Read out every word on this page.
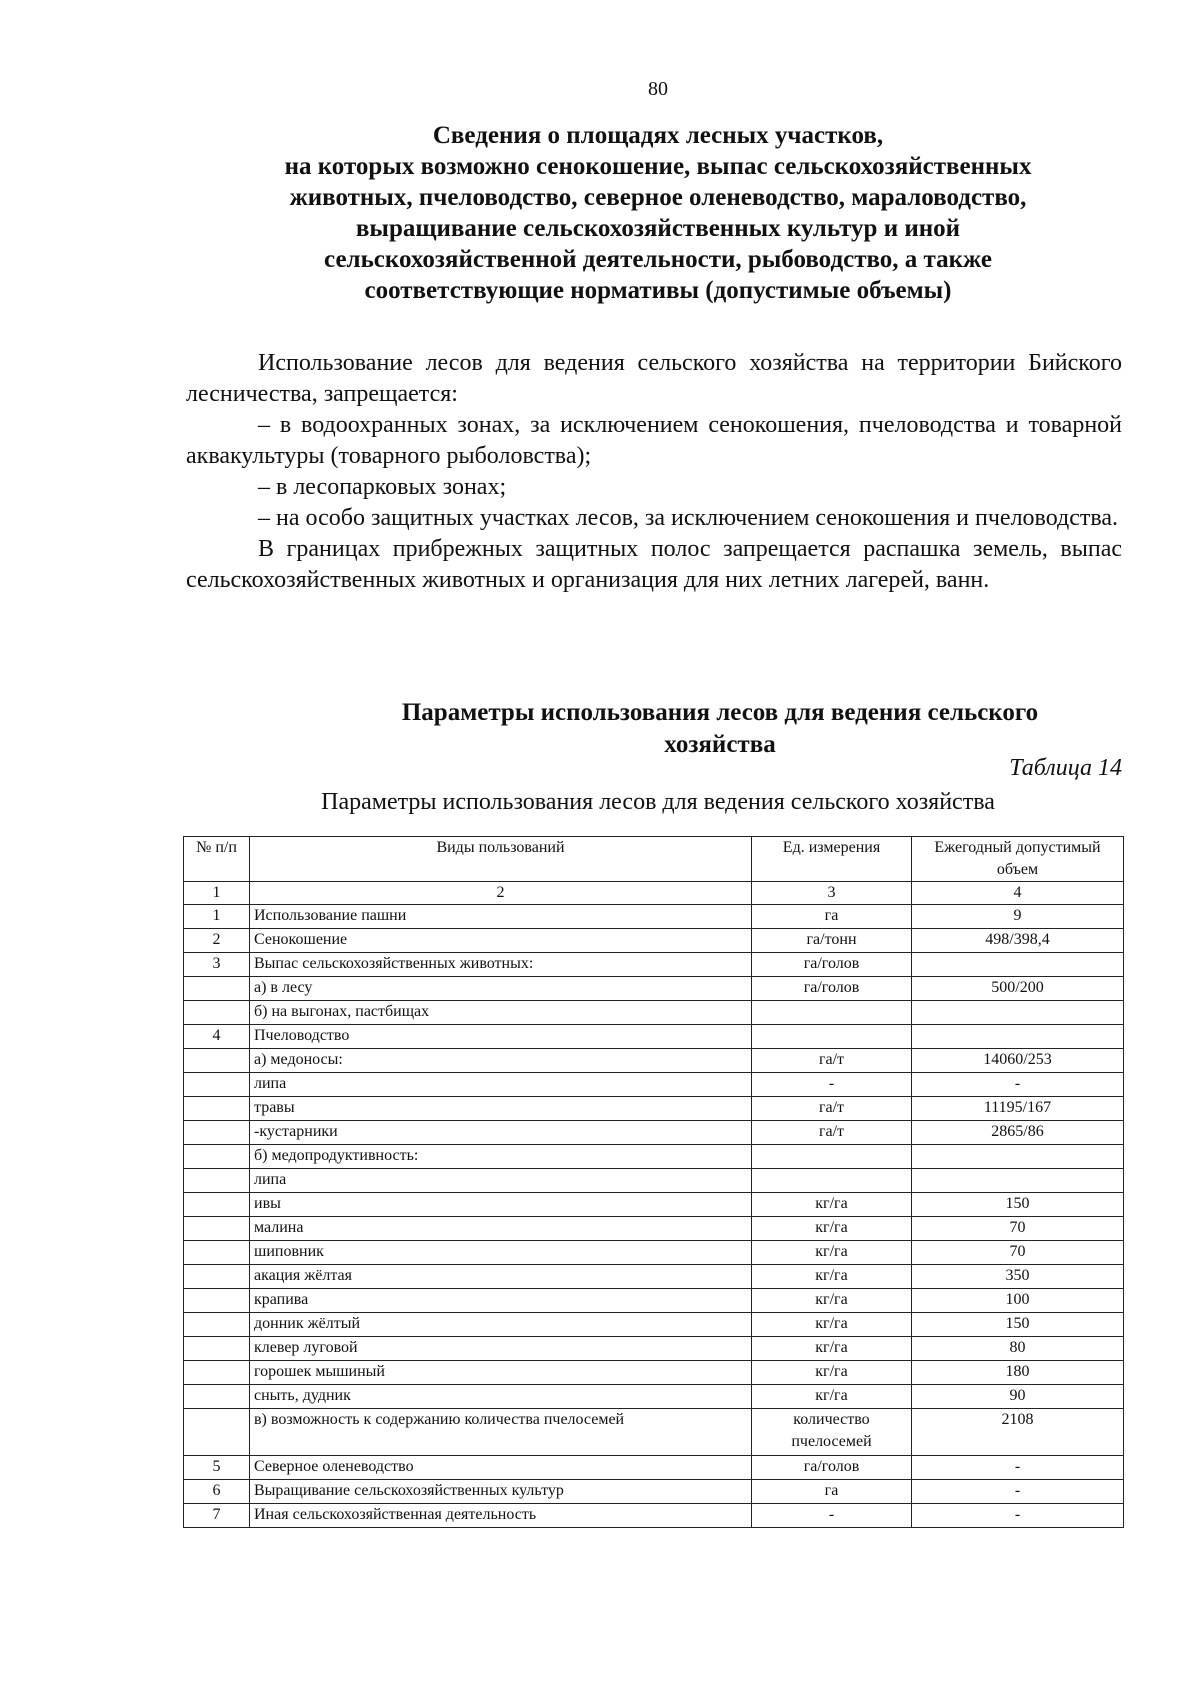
80
Сведения о площадях лесных участков,
на которых возможно сенокошение, выпас сельскохозяйственных
животных, пчеловодство, северное оленеводство, мараловодство,
выращивание сельскохозяйственных культур и иной
сельскохозяйственной деятельности, рыбоводство, а также
соответствующие нормативы (допустимые объемы)

Использование лесов для ведения сельского хозяйства на территории Бийского лесничества, запрещается:

– в водоохранных зонах, за исключением сенокошения, пчеловодства и товарной аквакультуры (товарного рыболовства);

– в лесопарковых зонах;

– на особо защитных участках лесов, за исключением сенокошения и пчеловодства.

В границах прибрежных защитных полос запрещается распашка земель, выпас сельскохозяйственных животных и организация для них летних лагерей, ванн.

Параметры использования лесов для ведения сельского
хозяйства
Таблица 14
Параметры использования лесов для ведения сельского хозяйства
№ п/п	Виды пользований	Ед. измерения	Ежегодный допустимый объем
1	2	3	4
1	Использование пашни	га	9
2	Сенокошение	га/тонн	498/398,4
3	Выпас сельскохозяйственных животных:	га/голов	
	а) в лесу	га/голов	500/200
	б) на выгонах, пастбищах		
4	Пчеловодство		
	а) медоносы:	га/т	14060/253
	липа	-	-
	травы	га/т	11195/167
	-кустарники	га/т	2865/86
	б) медопродуктивность:		
	липа		
	ивы	кг/га	150
	малина	кг/га	70
	шиповник	кг/га	70
	акация жёлтая	кг/га	350
	крапива	кг/га	100
	донник жёлтый	кг/га	150
	клевер луговой	кг/га	80
	горошек мышиный	кг/га	180
	сныть, дудник	кг/га	90
	в) возможность к содержанию количества пчелосемей	количество пчелосемей	2108
5	Северное оленеводство	га/голов	-
6	Выращивание сельскохозяйственных культур	га	-
7	Иная сельскохозяйственная деятельность	-	-
